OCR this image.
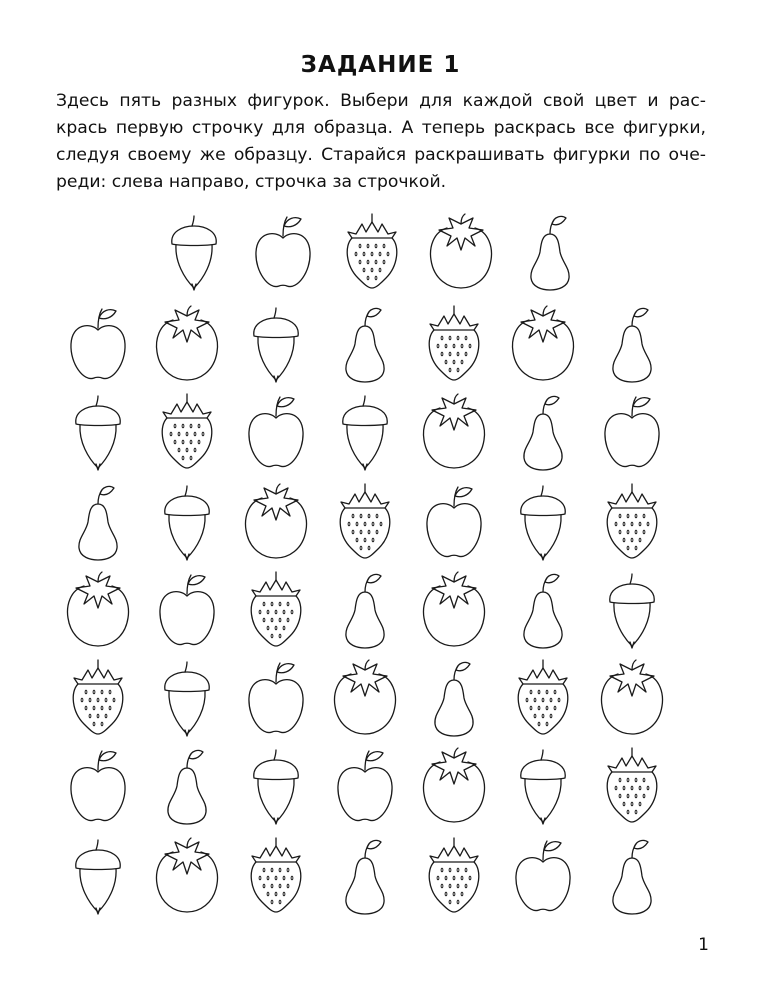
ЗАДАНИЕ 1
Здесь пять разных фигурок. Выбери для каждой свой цвет и рас-
крась первую строчку для образца. А теперь раскрась все фигурки,
следуя своему же образцу. Старайся раскрашивать фигурки по оче-
реди: слева направо, строчка за строчкой.
1
